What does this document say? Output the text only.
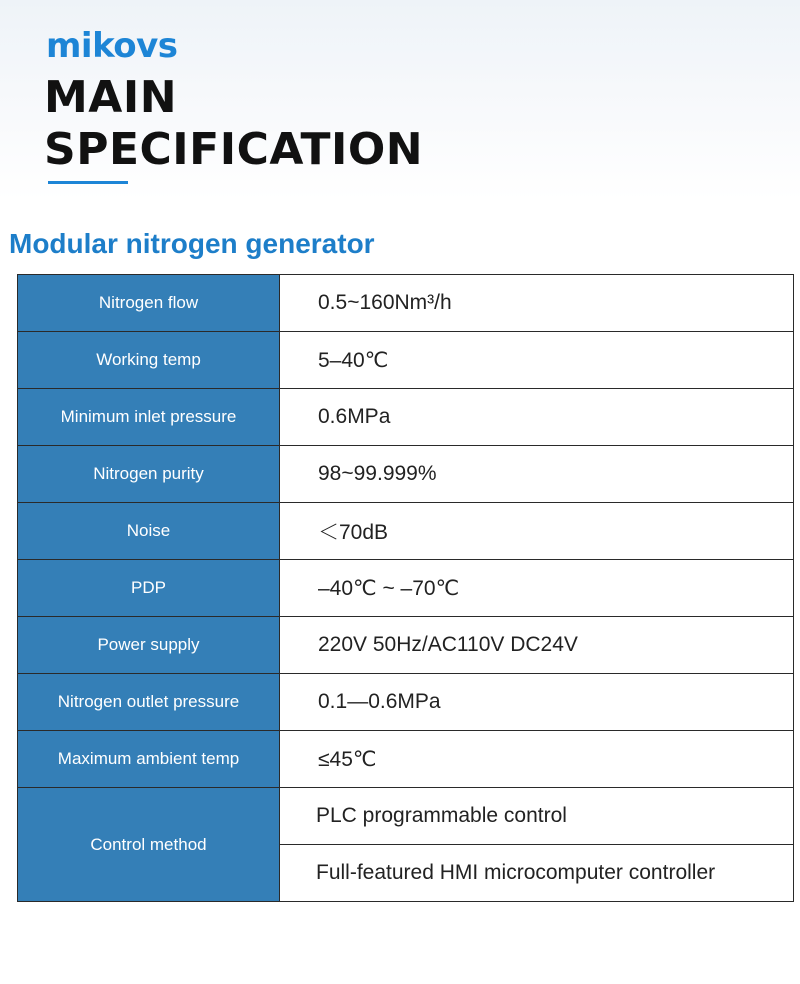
mikovs
MAIN
SPECIFICATION
Modular nitrogen generator
Nitrogen flow	0.5~160Nm³/h
Working temp	5–40℃
Minimum inlet pressure	0.6MPa
Nitrogen purity	98~99.999%
Noise	＜70dB
PDP	–40℃ ~ –70℃
Power supply	220V 50Hz/AC110V DC24V
Nitrogen outlet pressure	0.1—0.6MPa
Maximum ambient temp	≤45℃
Control method	PLC programmable control
	Full-featured HMI microcomputer controller
